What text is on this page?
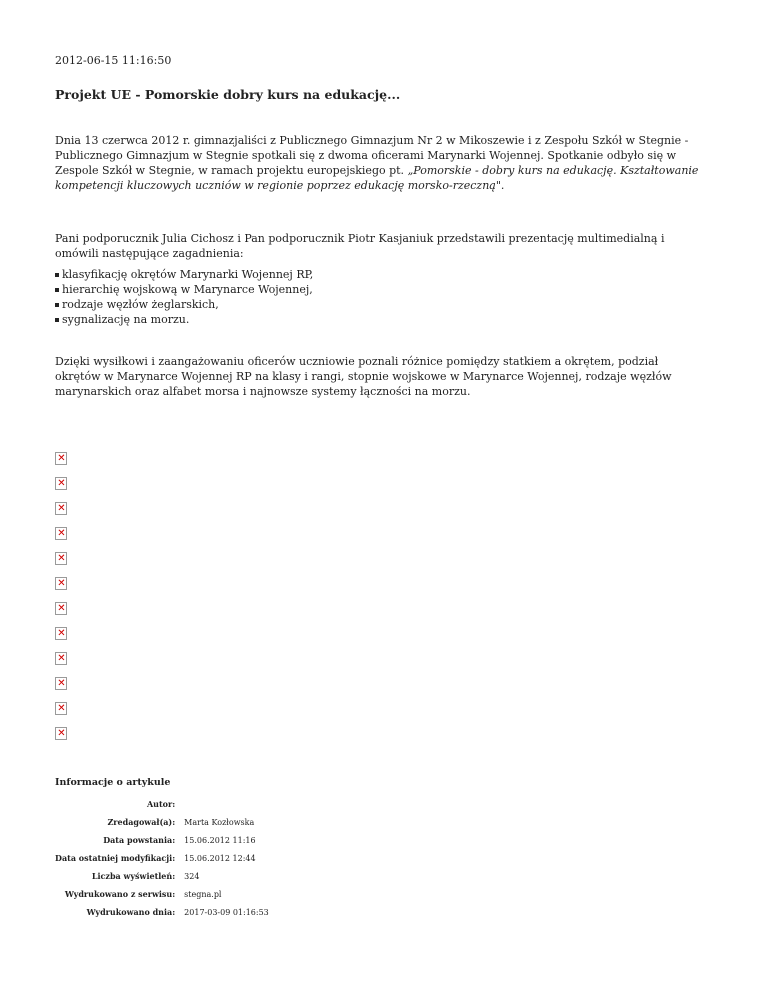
2012-06-15 11:16:50
Projekt UE - Pomorskie dobry kurs na edukację...

Dnia 13 czerwca 2012 r. gimnazjaliści z Publicznego Gimnazjum Nr 2 w Mikoszewie i z Zespołu Szkół w Stegnie - Publicznego Gimnazjum w Stegnie spotkali się z dwoma oficerami Marynarki Wojennej. Spotkanie odbyło się w Zespole Szkół w Stegnie, w ramach projektu europejskiego pt. „Pomorskie - dobry kurs na edukację. Kształtowanie kompetencji kluczowych uczniów w regionie poprzez edukację morsko-rzeczną".

Pani podporucznik Julia Cichosz i Pan podporucznik Piotr Kasjaniuk przedstawili prezentację multimedialną i omówili następujące zagadnienia:

klasyfikację okrętów Marynarki Wojennej RP,
hierarchię wojskową w Marynarce Wojennej,
rodzaje węzłów żeglarskich,
sygnalizację na morzu.

Dzięki wysiłkowi i zaangażowaniu oficerów uczniowie poznali różnice pomiędzy statkiem a okrętem, podział okrętów w Marynarce Wojennej RP na klasy i rangi, stopnie wojskowe w Marynarce Wojennej, rodzaje węzłów marynarskich oraz alfabet morsa i najnowsze systemy łączności na morzu.

✕
✕
✕
✕
✕
✕
✕
✕
✕
✕
✕
✕
Informacje o artykule
Autor:	
Zredagował(a):	Marta Kozłowska
Data powstania:	15.06.2012 11:16
Data ostatniej modyfikacji:	15.06.2012 12:44
Liczba wyświetleń:	324
Wydrukowano z serwisu:	stegna.pl
Wydrukowano dnia:	2017-03-09 01:16:53
